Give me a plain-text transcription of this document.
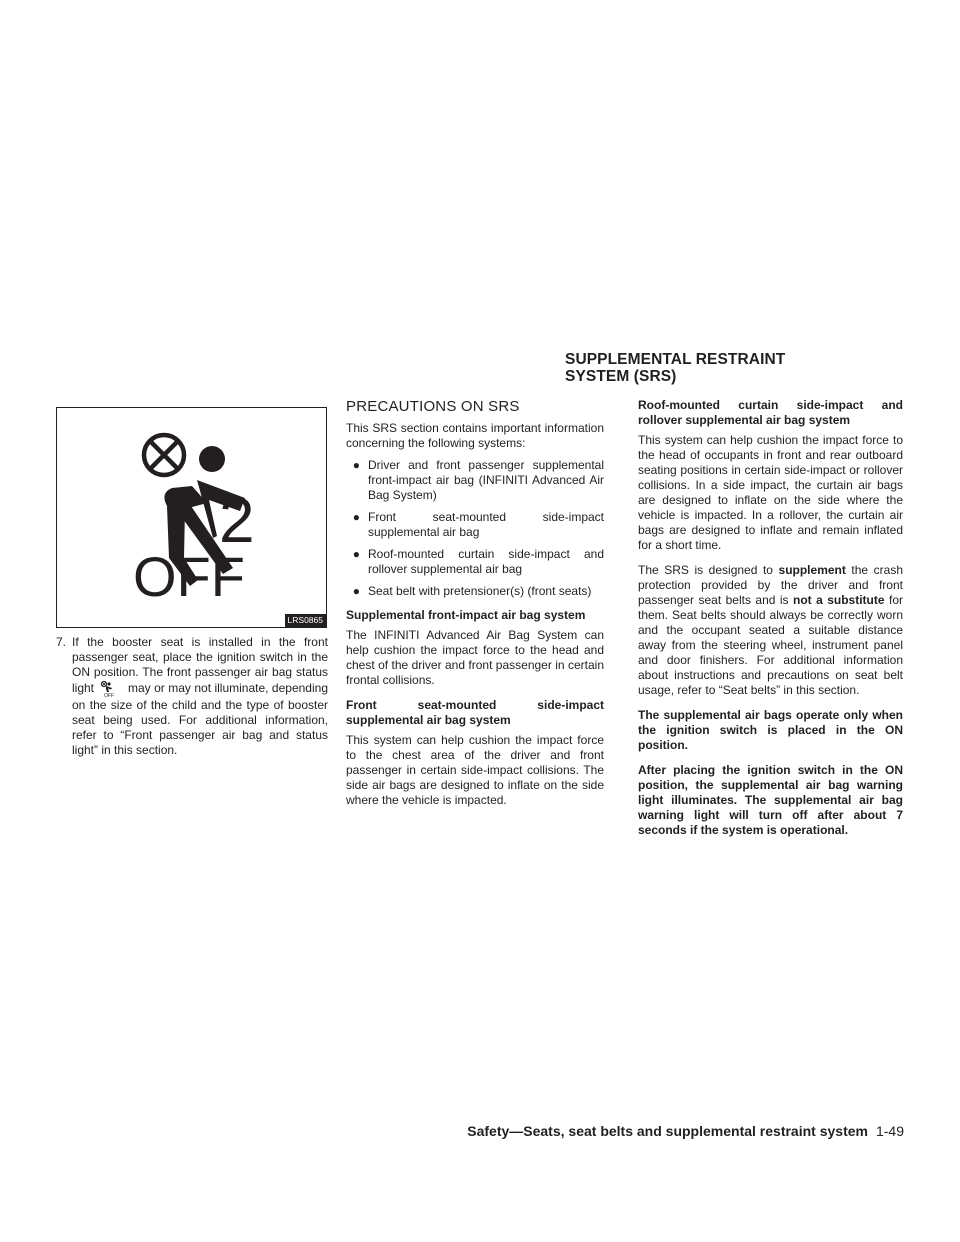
SUPPLEMENTAL RESTRAINT
SYSTEM (SRS)
2
OFF
LRS0865
7. If the booster seat is installed in the front passenger seat, place the ignition switch in the ON position. The front passenger air bag status light
OFF
may or may not illuminate, depending on the size of the child and the type of booster seat being used. For additional information, refer to “Front passenger air bag and status light” in this section.
PRECAUTIONS ON SRS

This SRS section contains important information concerning the following systems:

● Driver and front passenger supplemental front-impact air bag (INFINITI Advanced Air Bag System)
● Front seat-mounted side-impact supplemental air bag
● Roof-mounted curtain side-impact and rollover supplemental air bag
● Seat belt with pretensioner(s) (front seats)

Supplemental front-impact air bag system

The INFINITI Advanced Air Bag System can help cushion the impact force to the head and chest of the driver and front passenger in certain frontal collisions.

Front seat-mounted side-impact supplemental air bag system

This system can help cushion the impact force to the chest area of the driver and front passenger in certain side-impact collisions. The side air bags are designed to inflate on the side where the vehicle is impacted.

Roof-mounted curtain side-impact and rollover supplemental air bag system

This system can help cushion the impact force to the head of occupants in front and rear outboard seating positions in certain side-impact or rollover collisions. In a side impact, the curtain air bags are designed to inflate on the side where the vehicle is impacted. In a rollover, the curtain air bags are designed to inflate and remain inflated for a short time.

The SRS is designed to supplement the crash protection provided by the driver and front passenger seat belts and is not a substitute for them. Seat belts should always be correctly worn and the occupant seated a suitable distance away from the steering wheel, instrument panel and door finishers. For additional information about instructions and precautions on seat belt usage, refer to “Seat belts” in this section.

The supplemental air bags operate only when the ignition switch is placed in the ON position.

After placing the ignition switch in the ON position, the supplemental air bag warning light illuminates. The supplemental air bag warning light will turn off after about 7 seconds if the system is operational.

Safety—Seats, seat belts and supplemental restraint system 1-49
